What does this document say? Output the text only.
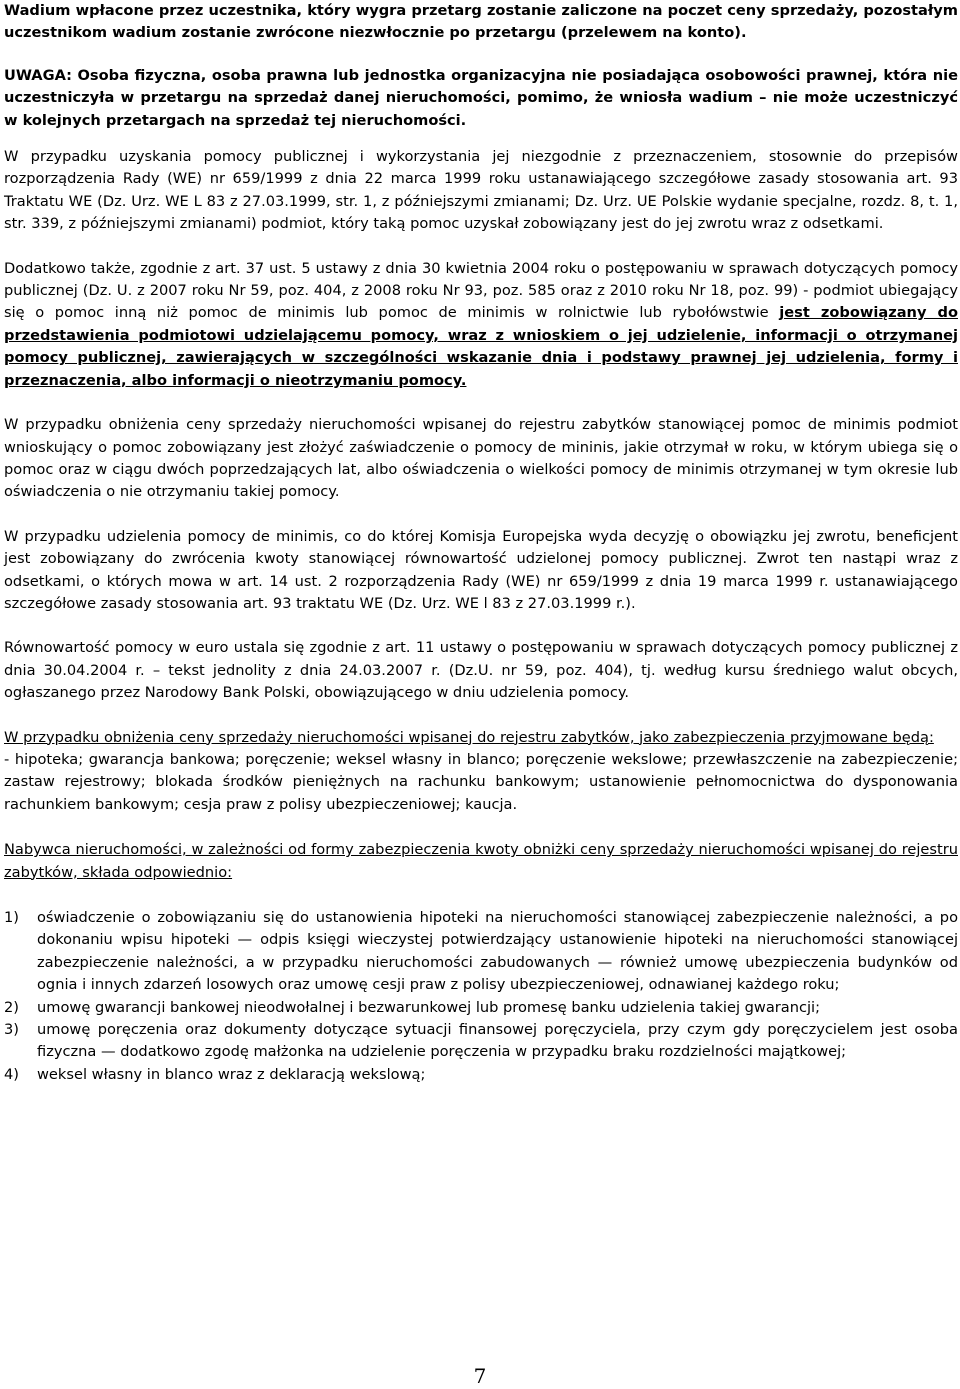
Wadium wpłacone przez uczestnika, który wygra przetarg zostanie zaliczone na poczet ceny sprzedaży, pozostałym uczestnikom wadium zostanie zwrócone niezwłocznie po przetargu (przelewem na konto).

UWAGA: Osoba fizyczna, osoba prawna lub jednostka organizacyjna nie posiadająca osobowości prawnej, która nie uczestniczyła w przetargu na sprzedaż danej nieruchomości, pomimo, że wniosła wadium – nie może uczestniczyć w kolejnych przetargach na sprzedaż tej nieruchomości.

W przypadku uzyskania pomocy publicznej i wykorzystania jej niezgodnie z przeznaczeniem, stosownie do przepisów rozporządzenia Rady (WE) nr 659/1999 z dnia 22 marca 1999 roku ustanawiającego szczegółowe zasady stosowania art. 93 Traktatu WE (Dz. Urz. WE L 83 z 27.03.1999, str. 1, z późniejszymi zmianami; Dz. Urz. UE Polskie wydanie specjalne, rozdz. 8, t. 1, str. 339, z późniejszymi zmianami) podmiot, który taką pomoc uzyskał zobowiązany jest do jej zwrotu wraz z odsetkami.

Dodatkowo także, zgodnie z art. 37 ust. 5 ustawy z dnia 30 kwietnia 2004 roku o postępowaniu w sprawach dotyczących pomocy publicznej (Dz. U. z 2007 roku Nr 59, poz. 404, z 2008 roku Nr 93, poz. 585 oraz z 2010 roku Nr 18, poz. 99) - podmiot ubiegający się o pomoc inną niż pomoc de minimis lub pomoc de minimis w rolnictwie lub rybołówstwie jest zobowiązany do przedstawienia podmiotowi udzielającemu pomocy, wraz z wnioskiem o jej udzielenie, informacji o otrzymanej pomocy publicznej, zawierających w szczególności wskazanie dnia i podstawy prawnej jej udzielenia, formy i przeznaczenia, albo informacji o nieotrzymaniu pomocy.

W przypadku obniżenia ceny sprzedaży nieruchomości wpisanej do rejestru zabytków stanowiącej pomoc de minimis podmiot wnioskujący o pomoc zobowiązany jest złożyć zaświadczenie o pomocy de mininis, jakie otrzymał w roku, w którym ubiega się o pomoc oraz w ciągu dwóch poprzedzających lat, albo oświadczenia o wielkości pomocy de minimis otrzymanej w tym okresie lub oświadczenia o nie otrzymaniu takiej pomocy.

W przypadku udzielenia pomocy de minimis, co do której Komisja Europejska wyda decyzję o obowiązku jej zwrotu, beneficjent jest zobowiązany do zwrócenia kwoty stanowiącej równowartość udzielonej pomocy publicznej. Zwrot ten nastąpi wraz z odsetkami, o których mowa w art. 14 ust. 2 rozporządzenia Rady (WE) nr 659/1999 z dnia 19 marca 1999 r. ustanawiającego szczegółowe zasady stosowania art. 93 traktatu WE (Dz. Urz. WE l 83 z 27.03.1999 r.).

Równowartość pomocy w euro ustala się zgodnie z art. 11 ustawy o postępowaniu w sprawach dotyczących pomocy publicznej z dnia 30.04.2004 r. – tekst jednolity z dnia 24.03.2007 r. (Dz.U. nr 59, poz. 404), tj. według kursu średniego walut obcych, ogłaszanego przez Narodowy Bank Polski, obowiązującego w dniu udzielenia pomocy.

W przypadku obniżenia ceny sprzedaży nieruchomości wpisanej do rejestru zabytków, jako zabezpieczenia przyjmowane będą:
- hipoteka; gwarancja bankowa; poręczenie; weksel własny in blanco; poręczenie wekslowe; przewłaszczenie na zabezpieczenie; zastaw rejestrowy; blokada środków pieniężnych na rachunku bankowym; ustanowienie pełnomocnictwa do dysponowania rachunkiem bankowym; cesja praw z polisy ubezpieczeniowej; kaucja.

Nabywca nieruchomości, w zależności od formy zabezpieczenia kwoty obniżki ceny sprzedaży nieruchomości wpisanej do rejestru zabytków, składa odpowiednio:

1)	oświadczenie o zobowiązaniu się do ustanowienia hipoteki na nieruchomości stanowiącej zabezpieczenie należności, a po dokonaniu wpisu hipoteki — odpis księgi wieczystej potwierdzający ustanowienie hipoteki na nieruchomości stanowiącej zabezpieczenie należności, a w przypadku nieruchomości zabudowanych — również umowę ubezpieczenia budynków od ognia i innych zdarzeń losowych oraz umowę cesji praw z polisy ubezpieczeniowej, odnawianej każdego roku;
2)	umowę gwarancji bankowej nieodwołalnej i bezwarunkowej lub promesę banku udzielenia takiej gwarancji;
3)	umowę poręczenia oraz dokumenty dotyczące sytuacji finansowej poręczyciela, przy czym gdy poręczycielem jest osoba fizyczna — dodatkowo zgodę małżonka na udzielenie poręczenia w przypadku braku rozdzielności majątkowej;
4)	weksel własny in blanco wraz z deklaracją wekslową;
7
